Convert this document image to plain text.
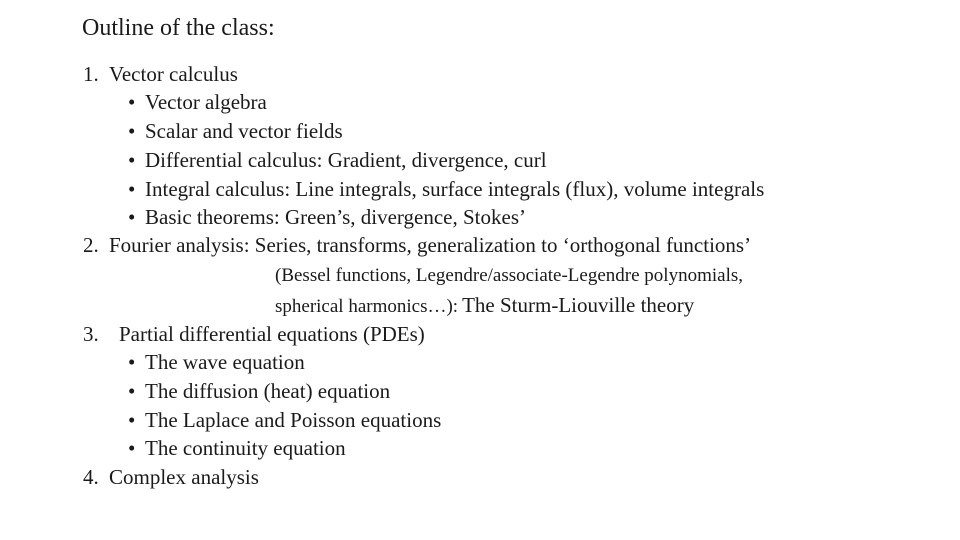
Outline of the class:
1. Vector calculus
• Vector algebra
• Scalar and vector fields
• Differential calculus: Gradient, divergence, curl
• Integral calculus: Line integrals, surface integrals (flux), volume integrals
• Basic theorems: Green’s, divergence, Stokes’
2. Fourier analysis: Series, transforms, generalization to ‘orthogonal functions’
(Bessel functions, Legendre/associate-Legendre polynomials,
spherical harmonics…): The Sturm-Liouville theory
3. Partial differential equations (PDEs)
• The wave equation
• The diffusion (heat) equation
• The Laplace and Poisson equations
• The continuity equation
4. Complex analysis
